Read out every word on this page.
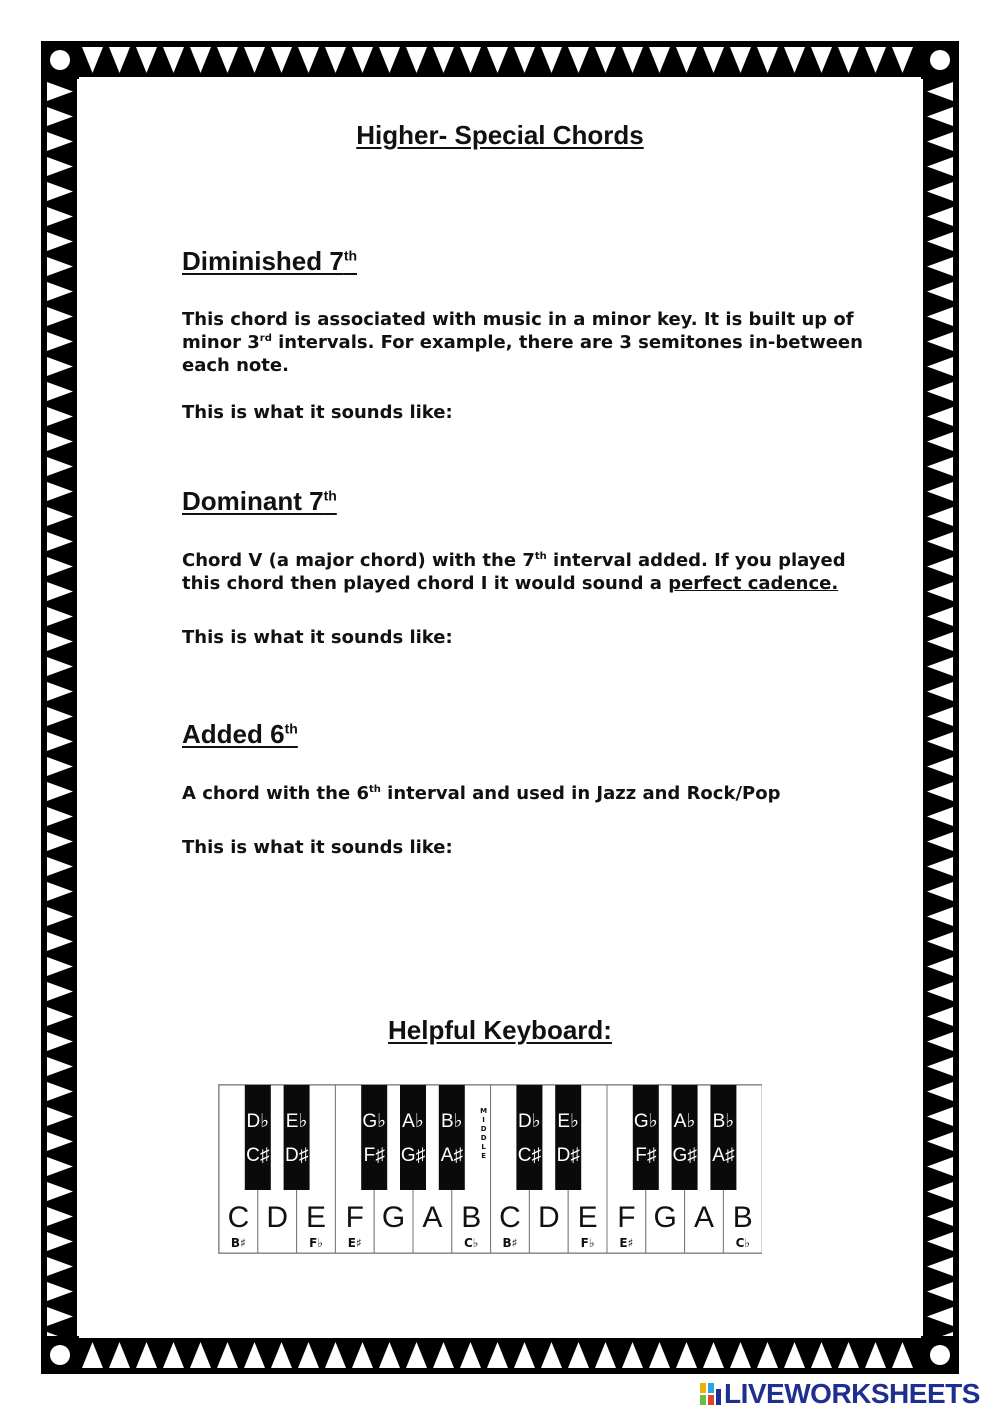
Higher- Special Chords
Diminished 7th
This chord is associated with music in a minor key. It is built up of minor 3rd intervals. For example, there are 3 semitones in-between each note.
This is what it sounds like:
Dominant 7th
Chord V (a major chord) with the 7th interval added. If you played this chord then played chord I it would sound a perfect cadence.
This is what it sounds like:
Added 6th
A chord with the 6th interval and used in Jazz and Rock/Pop
This is what it sounds like:
Helpful Keyboard:
C
B♯
D E
F♭
F
E♯
G A B
C♭
C
B♯
D E
F♭
F
E♯
G A B
C♭
D♭
C♯
E♭
D♯
G♭
F♯
A♭
G♯
B♭
A♯
D♭
C♯
E♭
D♯
G♭
F♯
A♭
G♯
B♭
A♯
M I D D L E
LIVEWORKSHEETS
